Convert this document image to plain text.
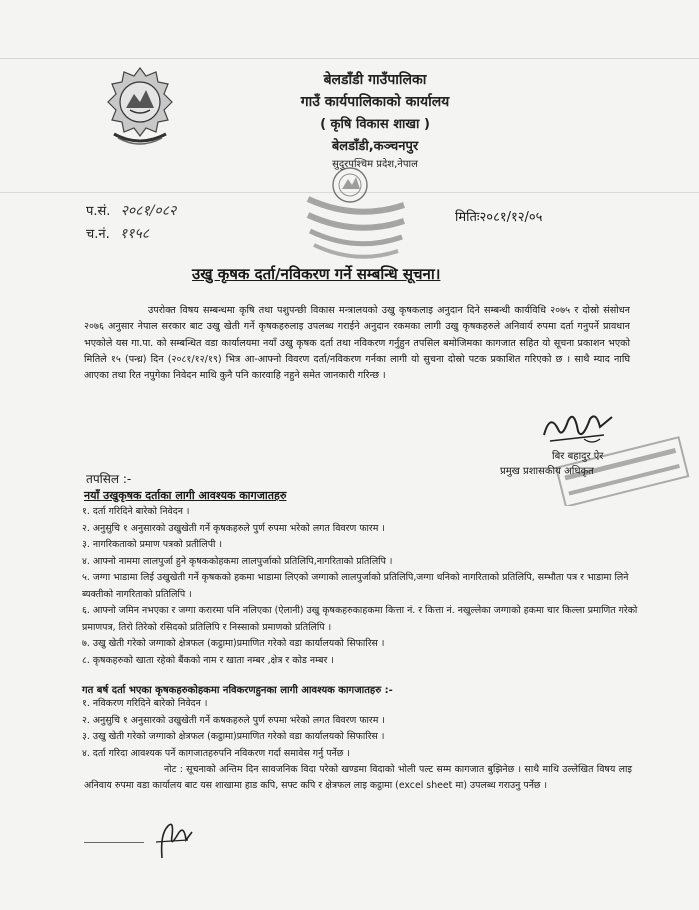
बेलडाँडी गाउँपालिका
गाउँ कार्यपालिकाको कार्यालय
( कृषि विकास शाखा )
बेलडाँडी,कञ्चनपुर
सुदुरपश्चिम प्रदेश,नेपाल
प.सं. २०८१/०८२
च.नं. ११५८
मितिः२०८१/१२/०५
उखु कृषक दर्ता/नविकरण गर्ने सम्बन्धि सूचना।
उपरोक्त विषय सम्बन्धमा कृषि तथा पशुपन्छी विकास मन्त्रालयको उखु कृषकलाइ अनुदान दिने सम्बन्धी कार्यविधि २०७५ र दोस्रो संसोधन २०७६ अनुसार नेपाल सरकार बाट उखु खेती गर्ने कृषकहरुलाइ उपलब्ध गराईने अनुदान रकमका लागी उखु कृषकहरुले अनिवार्य रुपमा दर्ता गनुपर्ने प्रावधान भएकोले यस गा.पा. को सम्बन्धित वडा कार्यालयमा नयाँ उखु कृषक दर्ता तथा नविकरण गर्नुहुन तपसिल बमोजिमका कागजात सहित यो सूचना प्रकाशन भएको मितिले १५ (पन्ध्र) दिन (२०८१/१२/१९) भित्र आ-आफ्नो विवरण दर्ता/नविकरण गर्नका लागी यो सुचना दोस्रो पटक प्रकाशित गरिएको छ । साथै म्याद नाघि आएका तथा रित नपुगेका निवेदन माथि कुनै पनि कारवाहि नहुने समेत जानकारी गरिन्छ ।
बिर बहादुर ऐर
प्रमुख प्रशासकीय अधिकृत
तपसिल :-
नयाँ उखुकृषक दर्ताका लागी आवश्यक कागजातहरु
१. दर्ता गरिदिने बारेको निवेदन ।
२. अनुसुचि १ अनुसारको उखुखेती गर्ने कृषकहरुले पुर्ण रुपमा भरेको लगत विवरण फारम ।
३. नागरिकताको प्रमाण पत्रको प्रतीलिपी ।
४. आफ्नो नाममा लालपुर्जा हुने कृषककोहकमा लालपुर्जाको प्रतिलिपि,नागरिताको प्रतिलिपि ।
५. जग्गा भाडामा लिई उखुखेती गर्ने कृषकको हकमा भाडामा लिएको जग्गाको लालपुर्जाको प्रतिलिपि,जग्गा धनिको नागरिताको प्रतिलिपि, सम्भौता पत्र र भाडामा लिने ब्यक्तीको नागरिताको प्रतिलिपि ।
६. आफ्नो जमिन नभएका र जग्गा करारमा पनि नलिएका (ऐलानी) उखु कृषकहरुकाहकमा कित्ता नं. र कित्ता नं. नखुल्लेका जग्गाको हकमा चार किल्ला प्रमाणित गरेको प्रमाणपत्र, तिरो तिरेको रसिदको प्रतिलिपि र निस्साको प्रमाणको प्रतिलिपि ।
७. उखु खेती गरेको जग्गाको क्षेत्रफल (कट्ठामा)प्रमाणित गरेको वडा कार्यालयको सिफारिस ।
८. कृषकहरुको खाता रहेको बैंकको नाम र खाता नम्बर ,क्षेत्र र कोड नम्बर ।
गत बर्ष दर्ता भएका कृषकहरुकोहकमा नविकरणहुनका लागी आवश्यक कागजातहरु :-
१. नविकरण गरिदिने बारेको निवेदन ।
२. अनुसुचि १ अनुसारको उखुखेती गर्ने कषकहरुले पुर्ण रुपमा भरेको लगत विवरण फारम ।
३. उखु खेती गरेको जग्गाको क्षेत्रफल (कट्ठामा)प्रमाणित गरेको वडा कार्यालयको सिफारिस ।
४. दर्ता गरिदा आवश्यक पर्ने कागजातहरुपनि नविकरण गर्दा समावेस गर्नु पर्नेछ ।
नोट : सूचनाको अन्तिम दिन सावजनिक विदा परेको खण्डमा विदाको भोली पल्ट सम्म कागजात बुझिनेछ । साथै माथि उल्लेखित विषय लाइ अनिवाय रुपमा वडा कार्यालय बाट यस शाखामा हाड कपि, सफ्ट कपि र क्षेत्रफल लाइ कट्ठामा (excel sheet मा) उपलब्ध गराउनु पर्नेछ ।
